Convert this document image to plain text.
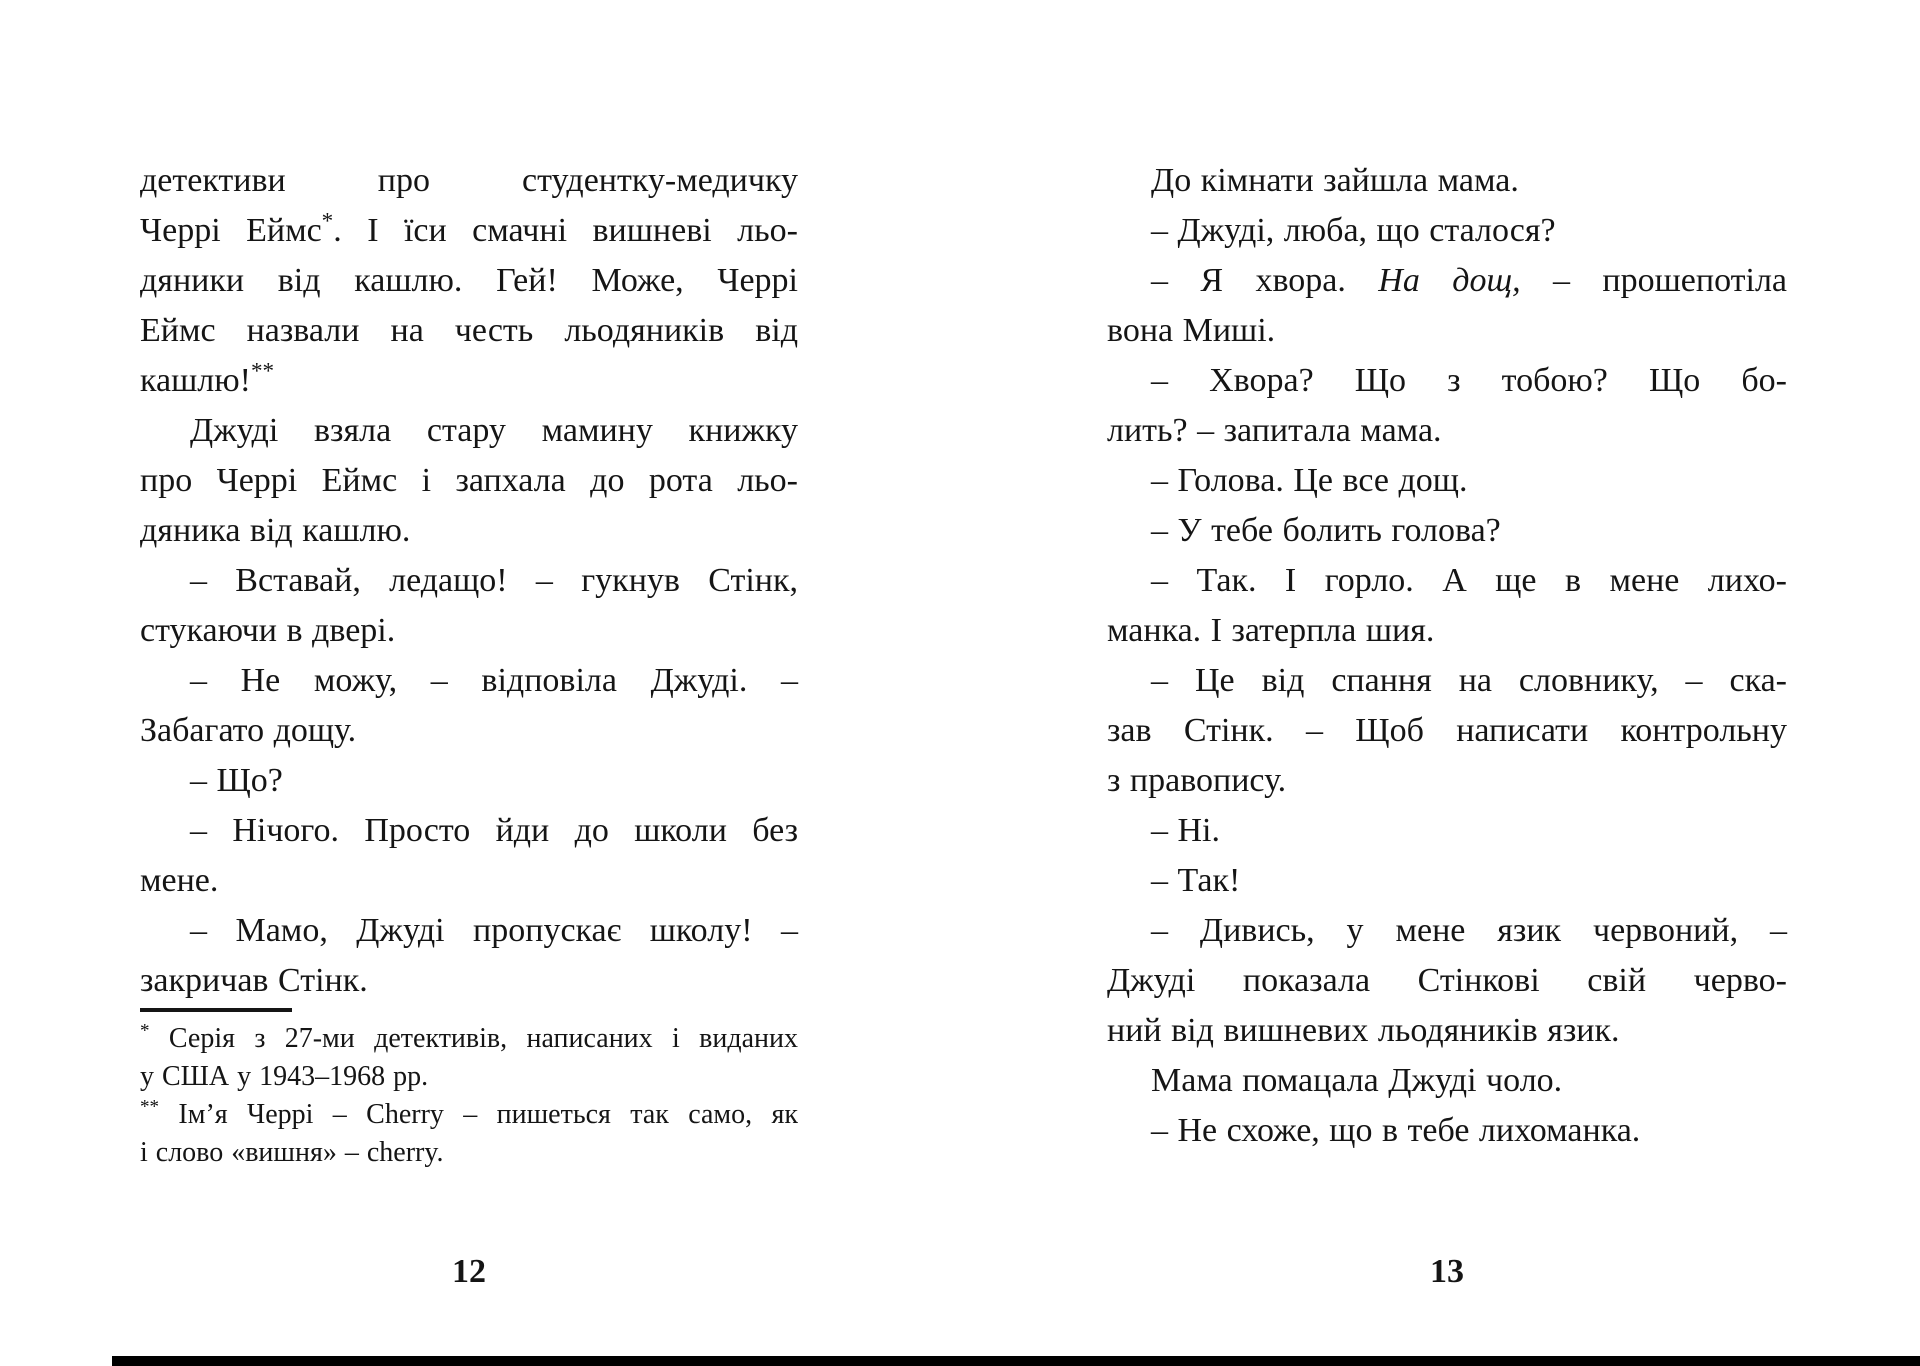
детективи про студентку-медичку
Черрі Еймс*. І їси смачні вишневі льо-
дяники від кашлю. Гей! Може, Черрі
Еймс назвали на честь льодяників від
кашлю!**
Джуді взяла стару мамину книжку
про Черрі Еймс і запхала до рота льо-
дяника від кашлю.
– Вставай, ледащо! – гукнув Стінк,
стукаючи в двері.
– Не можу, – відповіла Джуді. –
Забагато дощу.
– Що?
– Нічого. Просто йди до школи без
мене.
– Мамо, Джуді пропускає школу! –
закричав Стінк.
* Серія з 27-ми детективів, написаних і виданих
у США у 1943–1968 рр.
** Ім’я Черрі – Cherry – пишеться так само, як
і слово «вишня» – cherry.
До кімнати зайшла мама.
– Джуді, люба, що сталося?
– Я хвора. На дощ, – прошепотіла
вона Миші.
– Хвора? Що з тобою? Що бо-
лить? – запитала мама.
– Голова. Це все дощ.
– У тебе болить голова?
– Так. І горло. А ще в мене лихо-
манка. І затерпла шия.
– Це від спання на словнику, – ска-
зав Стінк. – Щоб написати контрольну
з правопису.
– Ні.
– Так!
– Дивись, у мене язик червоний, –
Джуді показала Стінкові свій черво-
ний від вишневих льодяників язик.
Мама помацала Джуді чоло.
– Не схоже, що в тебе лихоманка.
12	13
